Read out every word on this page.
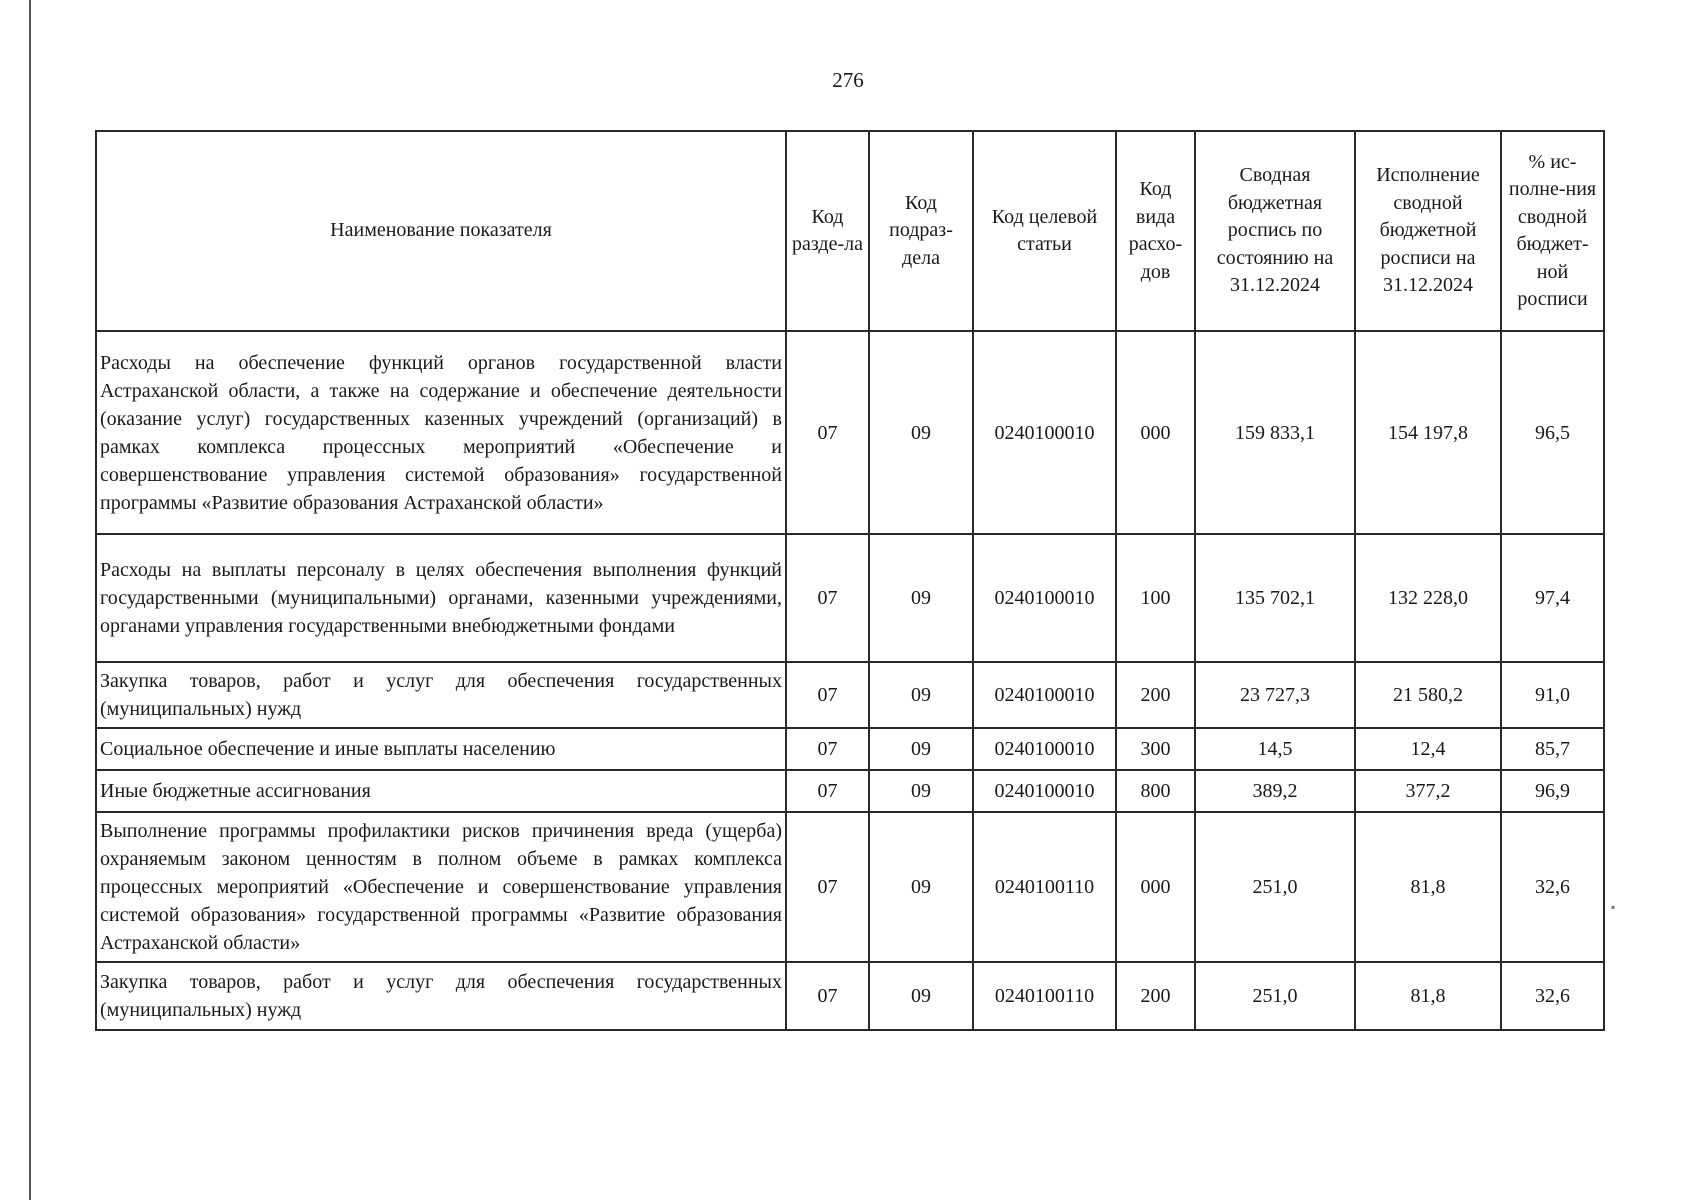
276
Наименование показателя	Код разде-ла	Код подраз-дела	Код целевой статьи	Код вида расхо-дов	Сводная бюджетная роспись по состоянию на 31.12.2024	Исполнение сводной бюджетной росписи на 31.12.2024	% ис-полне-ния сводной бюджет-ной росписи
Расходы на обеспечение функций органов государственной власти Астраханской области, а также на содержание и обеспечение деятельности (оказание услуг) государственных казенных учреждений (организаций) в рамках комплекса процессных мероприятий «Обеспечение и совершенствование управления системой образования» государственной программы «Развитие образования Астраханской области»	07	09	0240100010	000	159 833,1	154 197,8	96,5
Расходы на выплаты персоналу в целях обеспечения выполнения функций государственными (муниципальными) органами, казенными учреждениями, органами управления государственными внебюджетными фондами	07	09	0240100010	100	135 702,1	132 228,0	97,4
Закупка товаров, работ и услуг для обеспечения государственных (муниципальных) нужд	07	09	0240100010	200	23 727,3	21 580,2	91,0
Социальное обеспечение и иные выплаты населению	07	09	0240100010	300	14,5	12,4	85,7
Иные бюджетные ассигнования	07	09	0240100010	800	389,2	377,2	96,9
Выполнение программы профилактики рисков причинения вреда (ущерба) охраняемым законом ценностям в полном объеме в рамках комплекса процессных мероприятий «Обеспечение и совершенствование управления системой образования» государственной программы «Развитие образования Астраханской области»	07	09	0240100110	000	251,0	81,8	32,6
Закупка товаров, работ и услуг для обеспечения государственных (муниципальных) нужд	07	09	0240100110	200	251,0	81,8	32,6
▪
